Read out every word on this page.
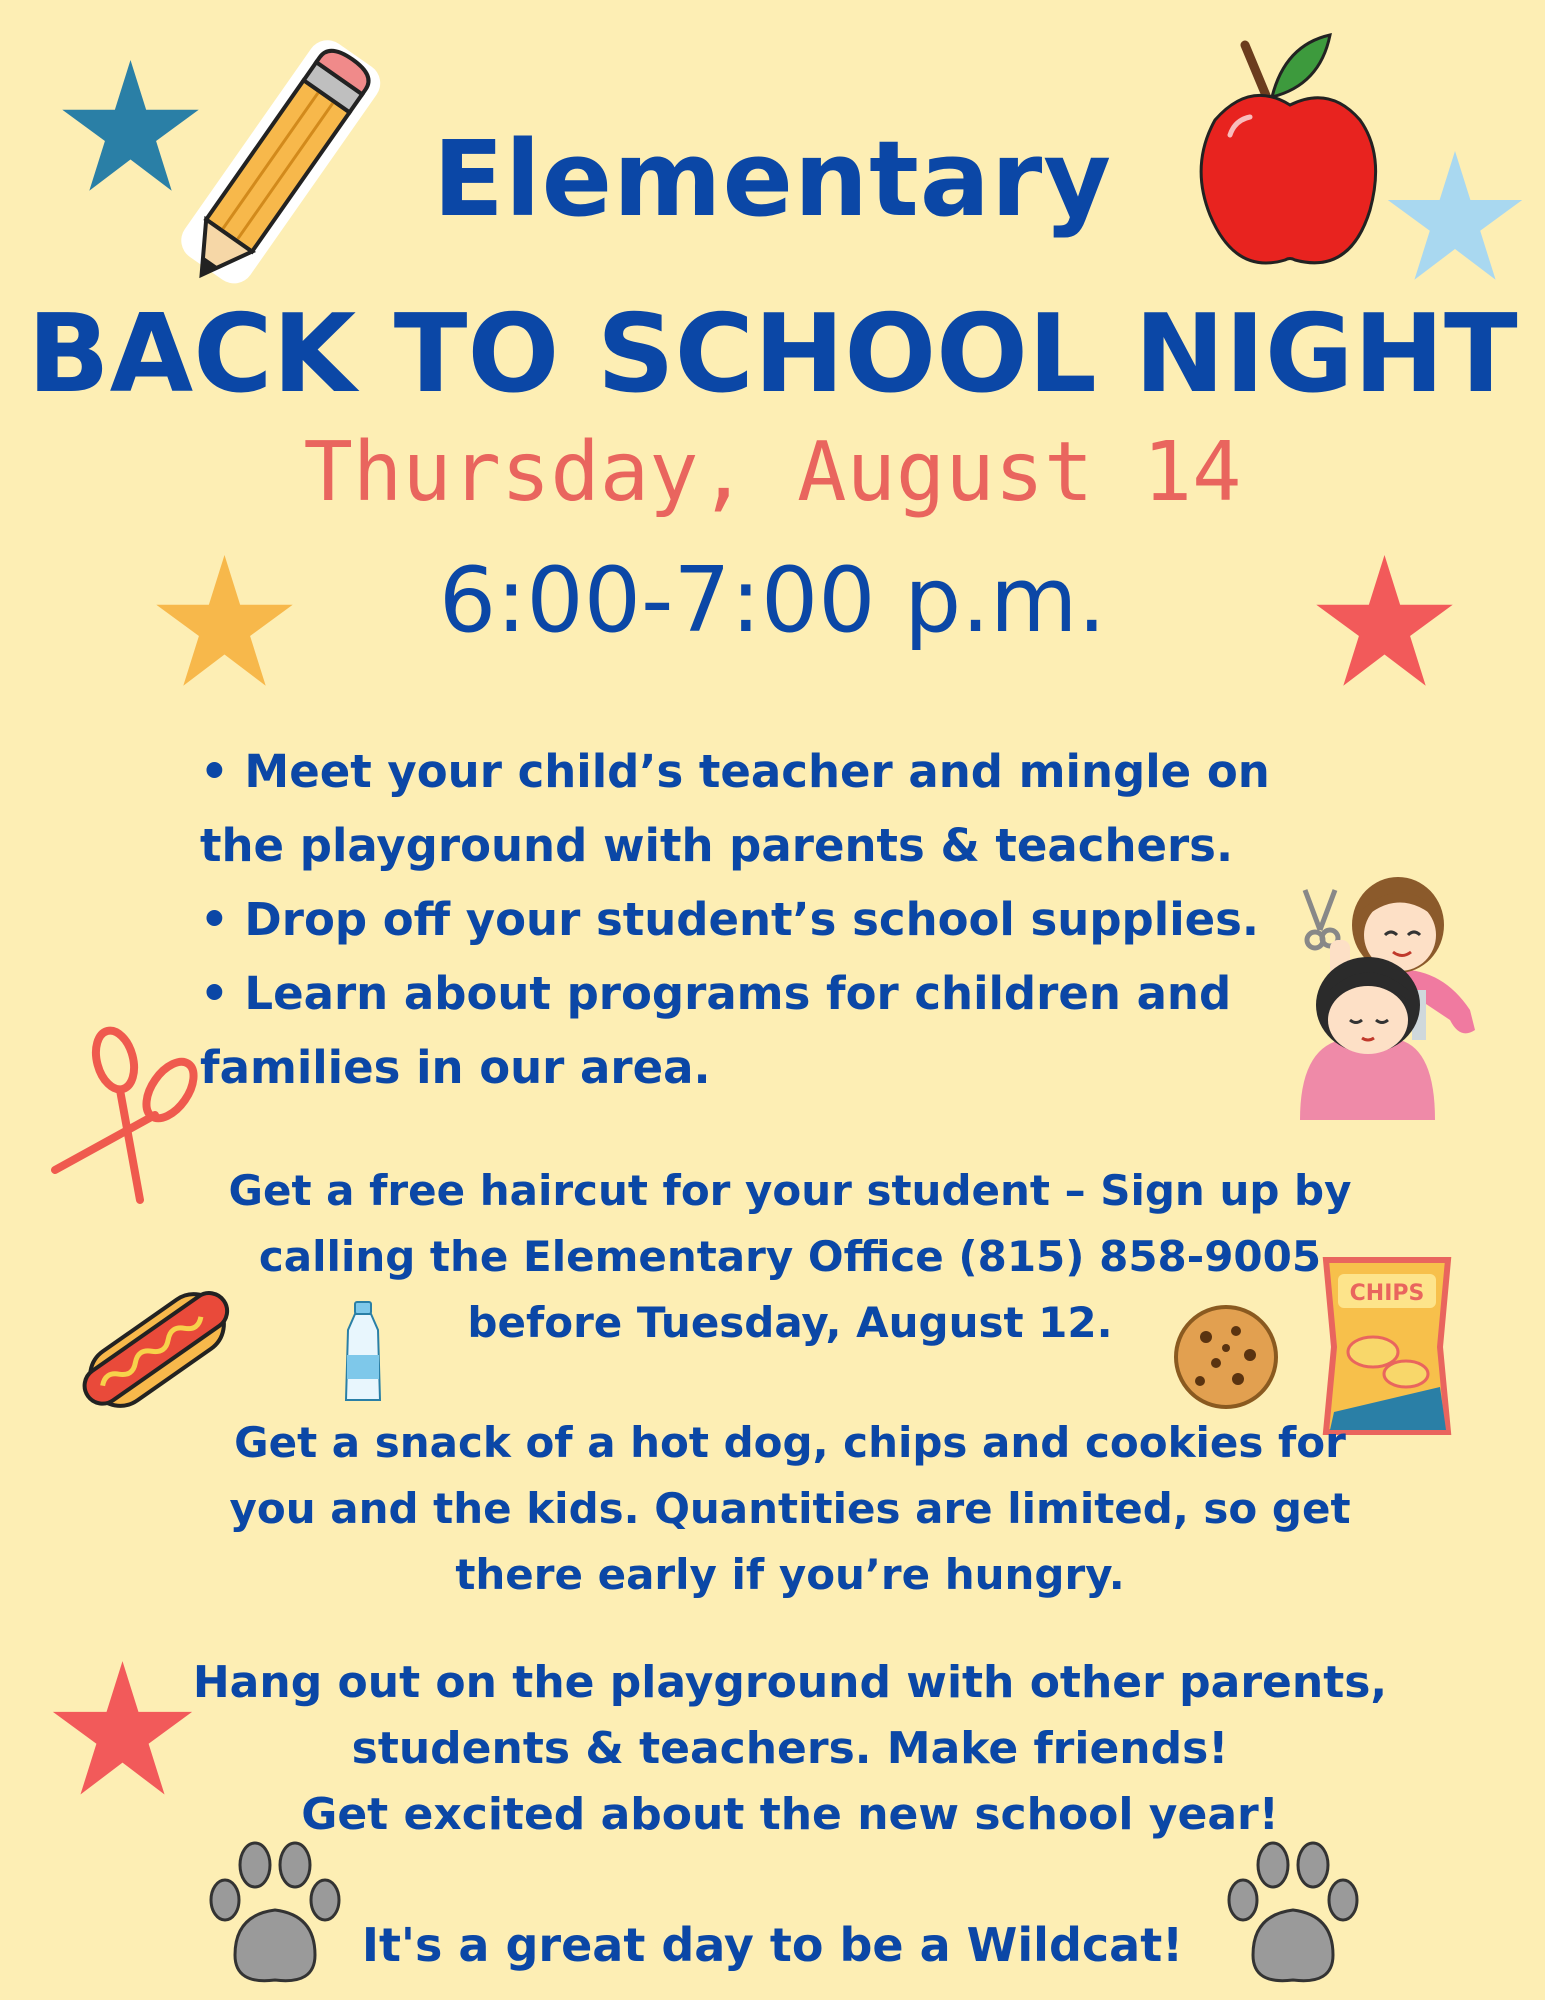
CHIPS
Elementary
BACK TO SCHOOL NIGHT
Thursday, August 14
6:00-7:00 p.m.
• Meet your child’s teacher and mingle on
the playground with parents & teachers.
• Drop off your student’s school supplies.
• Learn about programs for children and
families in our area.
Get a free haircut for your student – Sign up by
calling the Elementary Office (815) 858-9005
before Tuesday, August 12.
Get a snack of a hot dog, chips and cookies for
you and the kids. Quantities are limited, so get
there early if you’re hungry.
Hang out on the playground with other parents,
students & teachers. Make friends!
Get excited about the new school year!
It's a great day to be a Wildcat!
